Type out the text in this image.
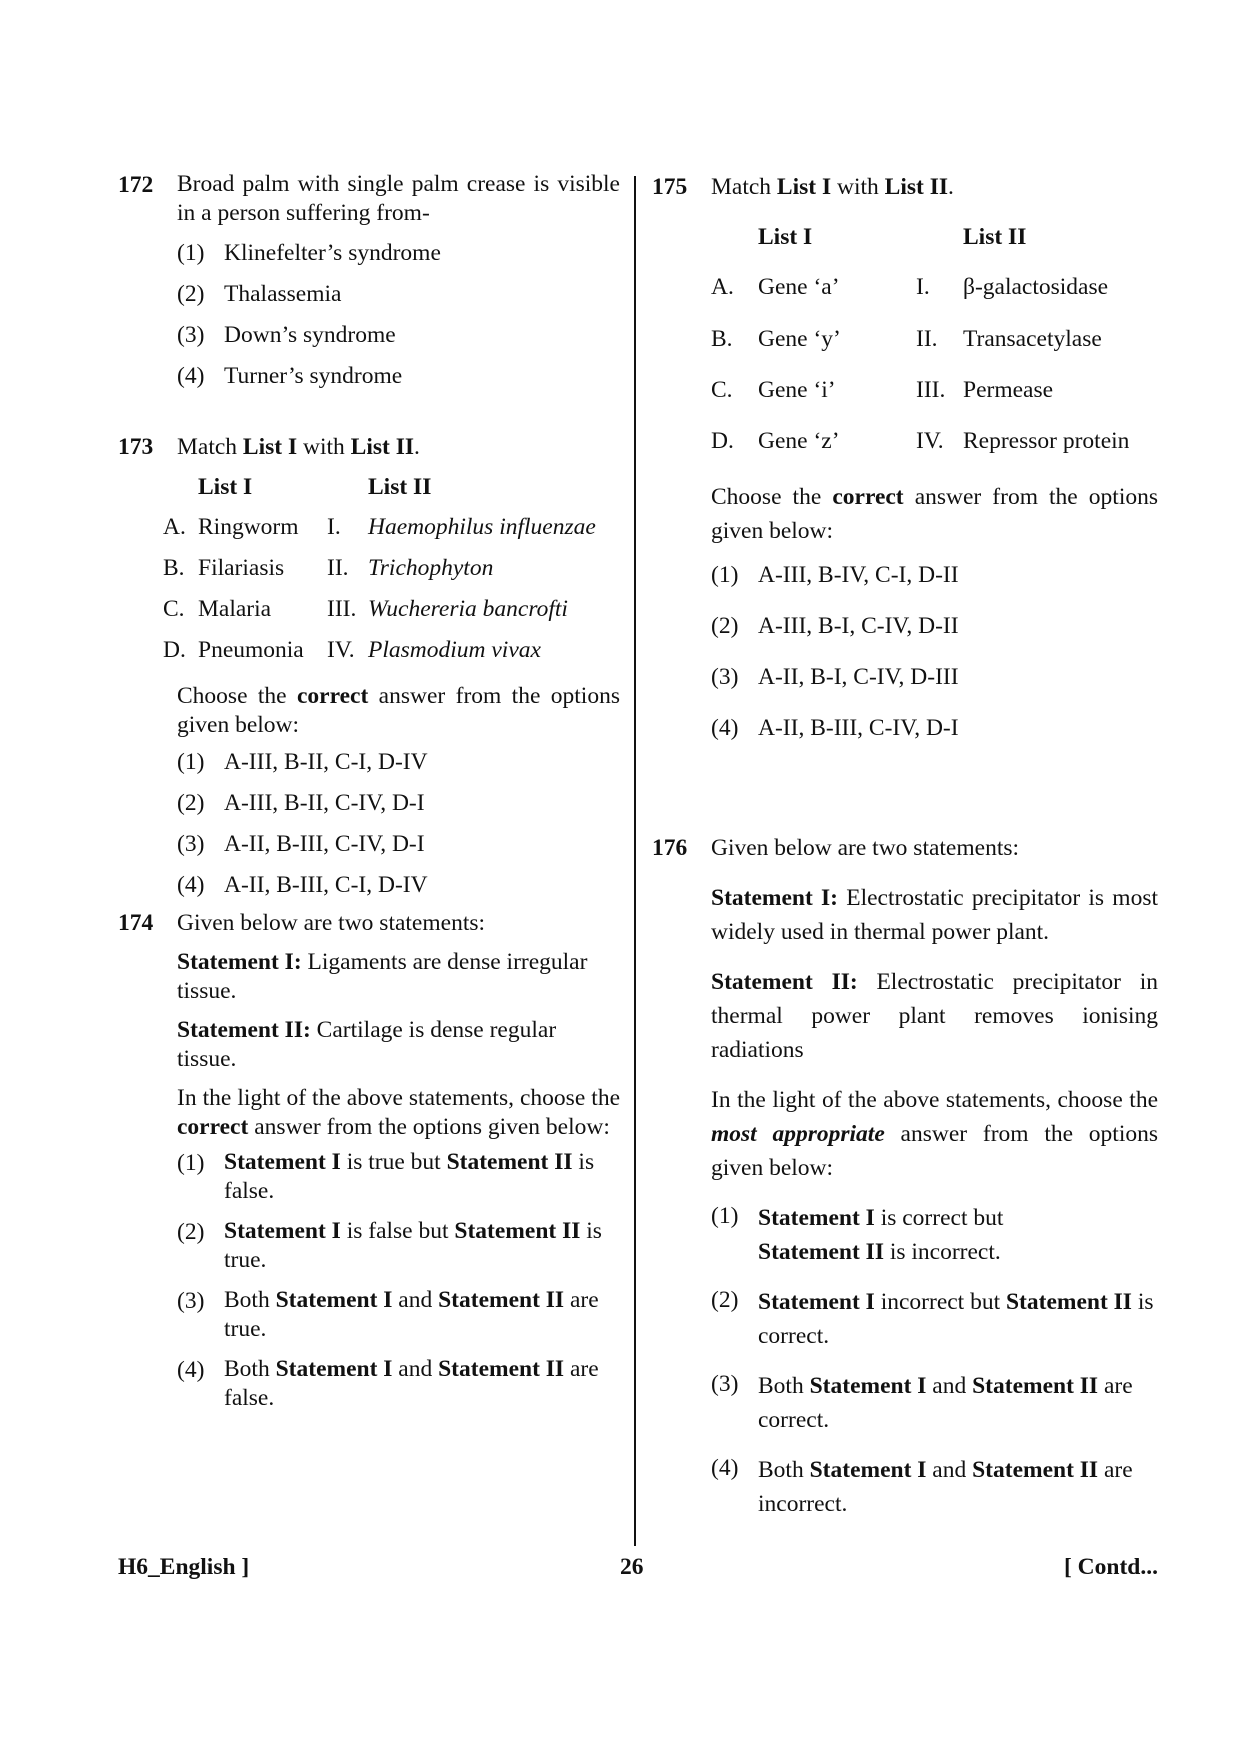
172 Broad palm with single palm crease is visible in a person suffering from-

(1) Klinefelter’s syndrome
(2) Thalassemia
(3) Down’s syndrome
(4) Turner’s syndrome
173 Match List I with List II.

List I	List II
A. Ringworm I. Haemophilus influenzae
B. Filariasis II. Trichophyton
C. Malaria III. Wuchereria bancrofti
D. Pneumonia IV. Plasmodium vivax

Choose the correct answer from the options given below:

(1) A-III, B-II, C-I, D-IV
(2) A-III, B-II, C-IV, D-I
(3) A-II, B-III, C-IV, D-I
(4) A-II, B-III, C-I, D-IV
174 Given below are two statements:

Statement I: Ligaments are dense irregular tissue.

Statement II: Cartilage is dense regular tissue.

In the light of the above statements, choose the correct answer from the options given below:

(1) Statement I is true but Statement II is false.
(2) Statement I is false but Statement II is true.
(3) Both Statement I and Statement II are true.
(4) Both Statement I and Statement II are false.
175 Match List I with List II.

List I	List II
A. Gene ‘a’	I. β-galactosidase
B. Gene ‘y’	II. Transacetylase
C. Gene ‘i’	III. Permease
D. Gene ‘z’	IV. Repressor protein

Choose the correct answer from the options given below:

(1) A-III, B-IV, C-I, D-II
(2) A-III, B-I, C-IV, D-II
(3) A-II, B-I, C-IV, D-III
(4) A-II, B-III, C-IV, D-I
176 Given below are two statements:

Statement I: Electrostatic precipitator is most widely used in thermal power plant.

Statement II: Electrostatic precipitator in thermal power plant removes ionising radiations

In the light of the above statements, choose the most appropriate answer from the options given below:

(1) Statement I is correct but Statement II is incorrect.
(2) Statement I incorrect but Statement II is correct.
(3) Both Statement I and Statement II are correct.
(4) Both Statement I and Statement II are incorrect.
H6_English ]	26	[ Contd...
